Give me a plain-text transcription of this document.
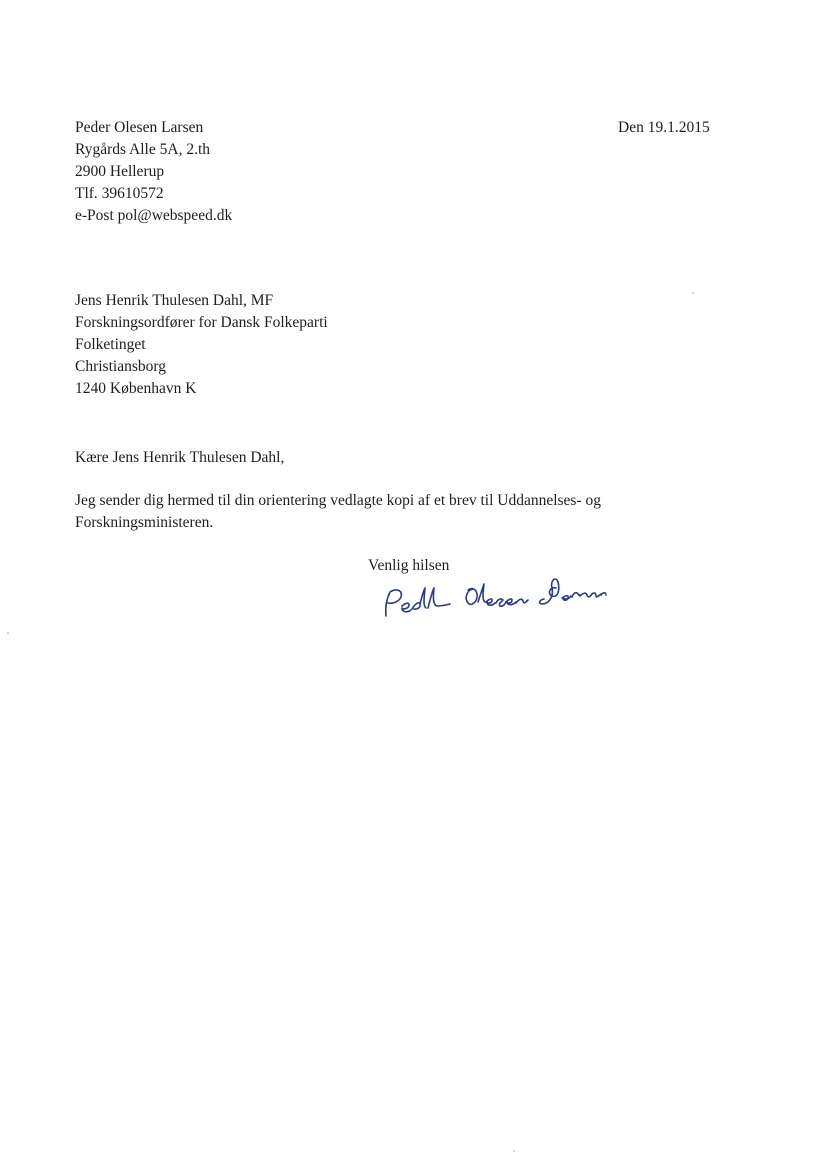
Peder Olesen Larsen
Rygårds Alle 5A, 2.th
2900 Hellerup
Tlf. 39610572
e-Post pol@webspeed.dk
Den 19.1.2015
Jens Henrik Thulesen Dahl, MF
Forskningsordfører for Dansk Folkeparti
Folketinget
Christiansborg
1240 København K
Kære Jens Henrik Thulesen Dahl,
Jeg sender dig hermed til din orientering vedlagte kopi af et brev til Uddannelses- og
Forskningsministeren.
Venlig hilsen
